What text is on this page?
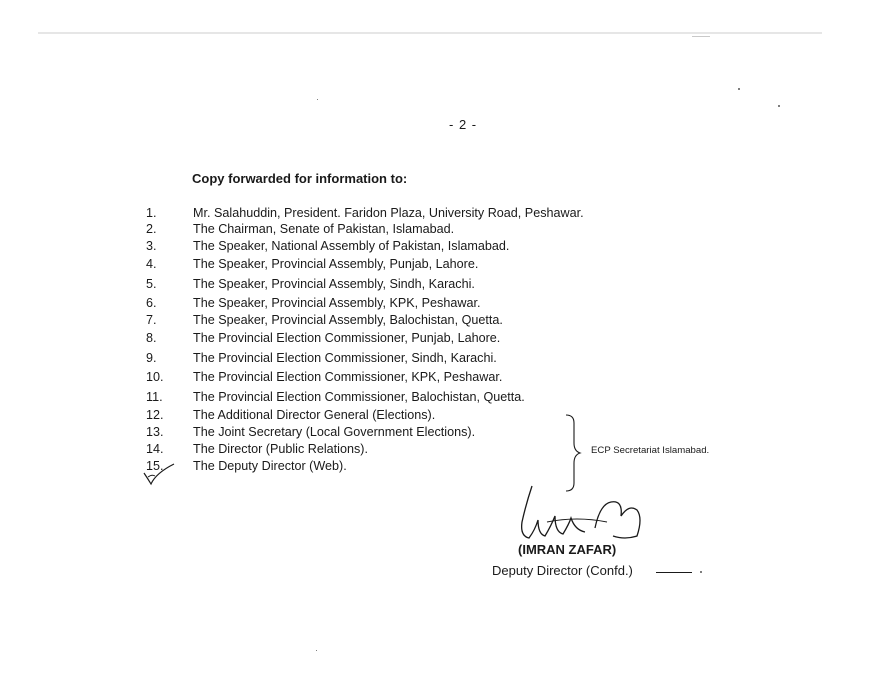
- 2 -
Copy forwarded for information to:
1.	Mr. Salahuddin, President. Faridon Plaza, University Road, Peshawar.
2.	The Chairman, Senate of Pakistan, Islamabad.
3.	The Speaker, National Assembly of Pakistan, Islamabad.
4.	The Speaker, Provincial Assembly, Punjab, Lahore.
5.	The Speaker, Provincial Assembly, Sindh, Karachi.
6.	The Speaker, Provincial Assembly, KPK, Peshawar.
7.	The Speaker, Provincial Assembly, Balochistan, Quetta.
8.	The Provincial Election Commissioner, Punjab, Lahore.
9.	The Provincial Election Commissioner, Sindh, Karachi.
10. The Provincial Election Commissioner, KPK, Peshawar.
11. The Provincial Election Commissioner, Balochistan, Quetta.
12. The Additional Director General (Elections).
13. The Joint Secretary (Local Government Elections).
14. The Director (Public Relations).
15. The Deputy Director (Web).
ECP Secretariat Islamabad.
(IMRAN ZAFAR)
Deputy Director (Confd.)
